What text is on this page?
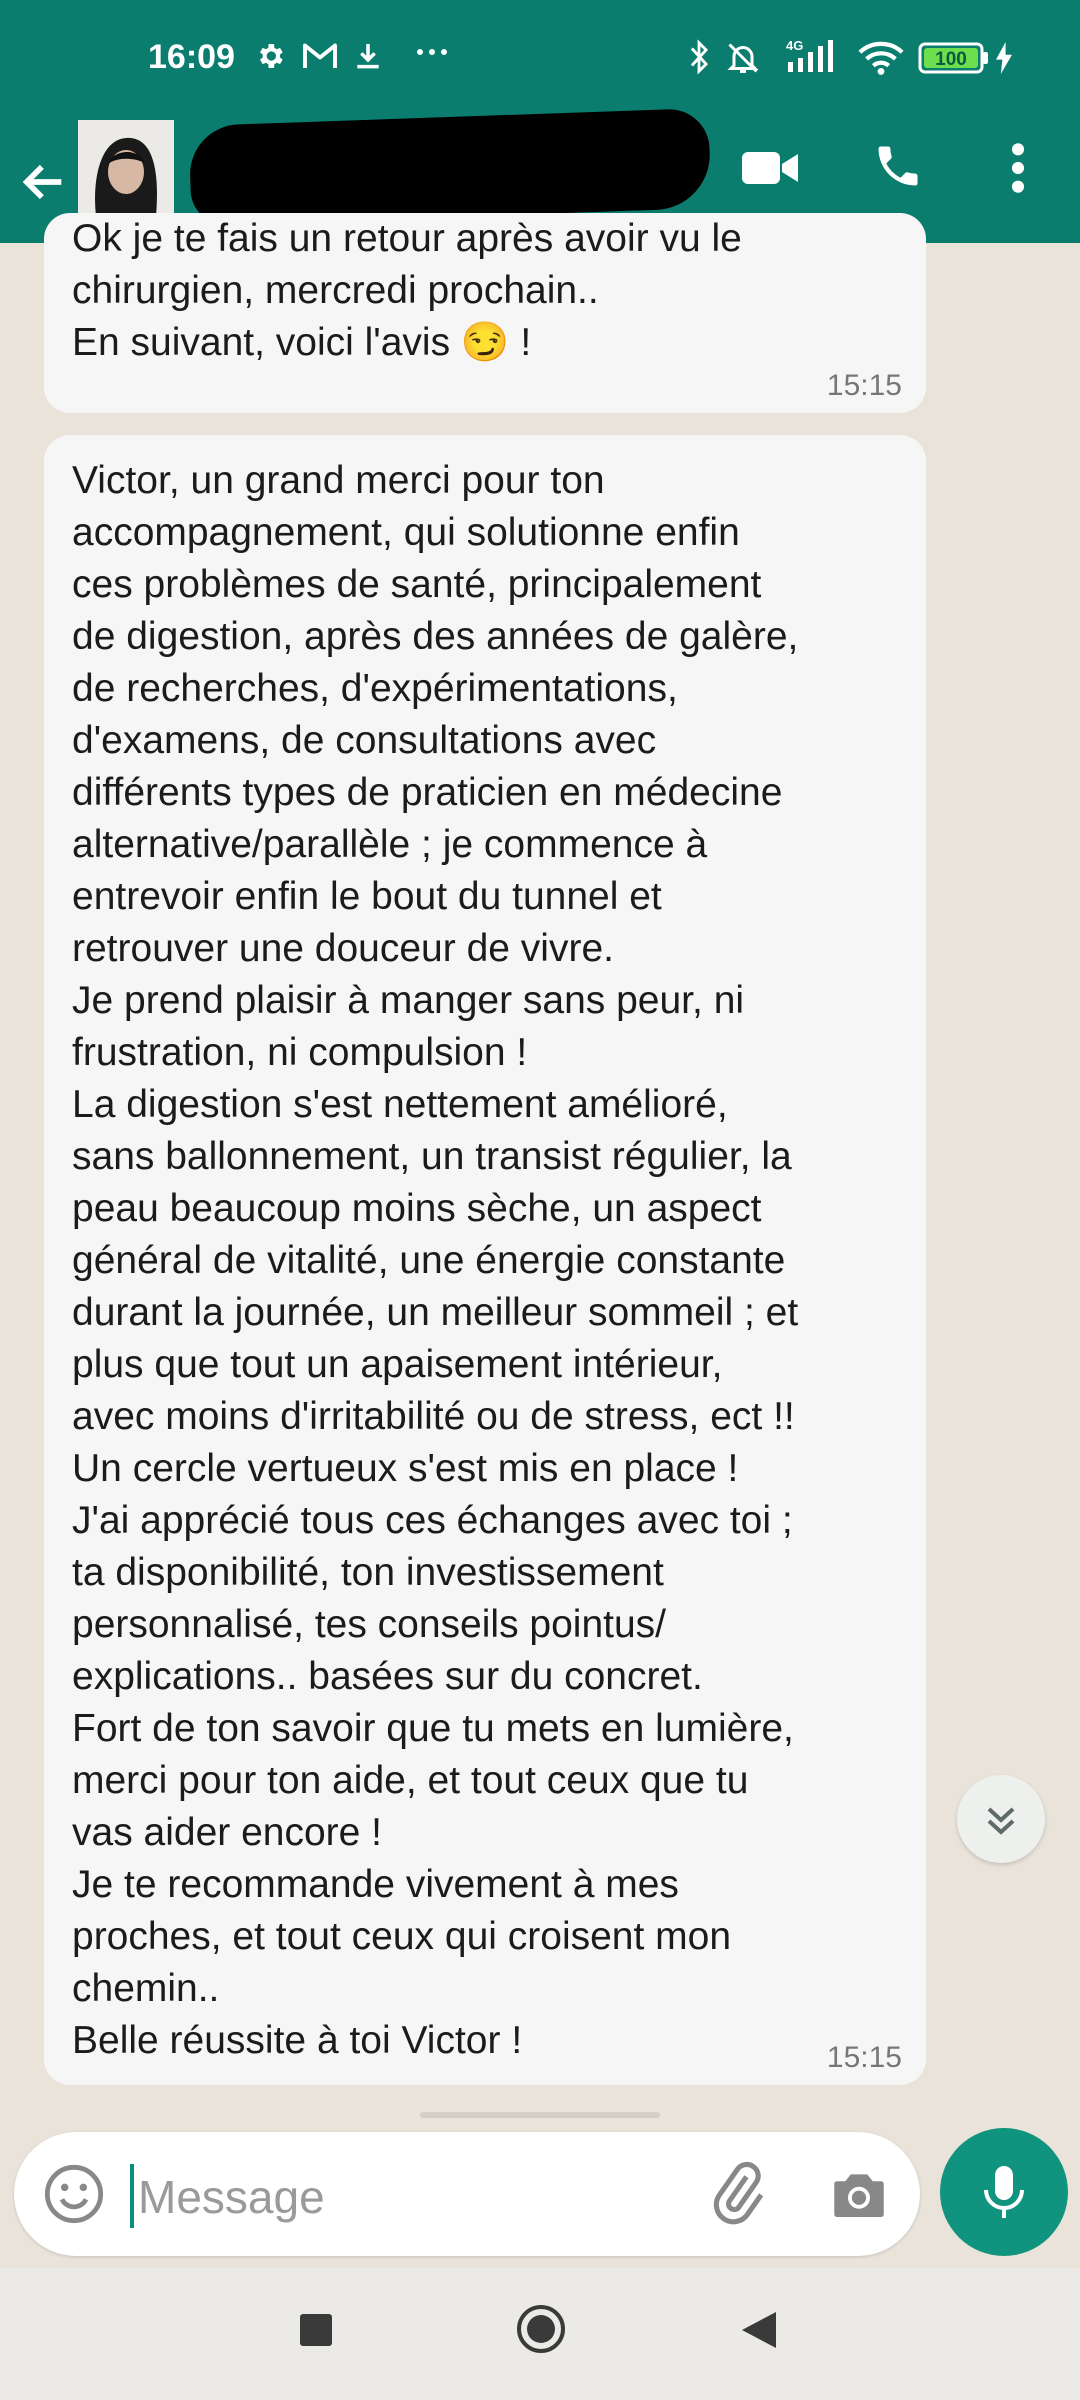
16:09	4G
100
Ok je te fais un retour après avoir vu le
chirurgien, mercredi prochain..
En suivant, voici l'avis 😏 !
15:15
Victor, un grand merci pour ton
accompagnement, qui solutionne enfin
ces problèmes de santé, principalement
de digestion, après des années de galère,
de recherches, d'expérimentations,
d'examens, de consultations avec
différents types de praticien en médecine
alternative/parallèle ; je commence à
entrevoir enfin le bout du tunnel et
retrouver une douceur de vivre.
Je prend plaisir à manger sans peur, ni
frustration, ni compulsion !
La digestion s'est nettement amélioré,
sans ballonnement, un transist régulier, la
peau beaucoup moins sèche, un aspect
général de vitalité, une énergie constante
durant la journée, un meilleur sommeil ; et
plus que tout un apaisement intérieur,
avec moins d'irritabilité ou de stress, ect !!
Un cercle vertueux s'est mis en place !
J'ai apprécié tous ces échanges avec toi ;
ta disponibilité, ton investissement
personnalisé, tes conseils pointus/
explications.. basées sur du concret.
Fort de ton savoir que tu mets en lumière,
merci pour ton aide, et tout ceux que tu
vas aider encore !
Je te recommande vivement à mes
proches, et tout ceux qui croisent mon
chemin..
Belle réussite à toi Victor !	15:15
Message
